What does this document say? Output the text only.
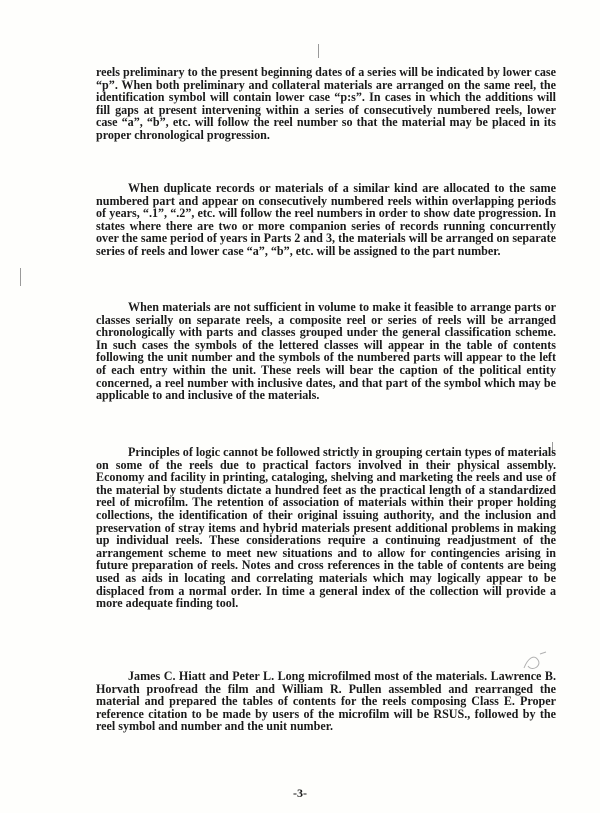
reels preliminary to the present beginning dates of a series will be indicated by lower case “p”. When both preliminary and collateral materials are arranged on the same reel, the identification symbol will contain lower case “p:s”. In cases in which the additions will fill gaps at present intervening within a series of consecutively numbered reels, lower case “a”, “b”, etc. will follow the reel number so that the material may be placed in its proper chronological progression.

When duplicate records or materials of a similar kind are allocated to the same numbered part and appear on consecutively numbered reels within overlapping periods of years, “.1”, “.2”, etc. will follow the reel numbers in order to show date progression. In states where there are two or more companion series of records running concurrently over the same period of years in Parts 2 and 3, the materials will be arranged on separate series of reels and lower case “a”, “b”, etc. will be assigned to the part number.

When materials are not sufficient in volume to make it feasible to arrange parts or classes serially on separate reels, a composite reel or series of reels will be arranged chronologically with parts and classes grouped under the general classification scheme. In such cases the symbols of the lettered classes will appear in the table of contents following the unit number and the symbols of the numbered parts will appear to the left of each entry within the unit. These reels will bear the caption of the political entity concerned, a reel number with inclusive dates, and that part of the symbol which may be applicable to and inclusive of the materials.

Principles of logic cannot be followed strictly in grouping certain types of materials on some of the reels due to practical factors involved in their physical assembly. Economy and facility in printing, cataloging, shelving and marketing the reels and use of the material by students dictate a hundred feet as the practical length of a standardized reel of microfilm. The retention of association of materials within their proper holding collections, the identification of their original issuing authority, and the inclusion and preservation of stray items and hybrid materials present additional problems in making up individual reels. These considerations require a continuing readjustment of the arrangement scheme to meet new situations and to allow for contingencies arising in future preparation of reels. Notes and cross references in the table of contents are being used as aids in locating and correlating materials which may logically appear to be displaced from a normal order. In time a general index of the collection will provide a more adequate finding tool.

James C. Hiatt and Peter L. Long microfilmed most of the materials. Lawrence B. Horvath proofread the film and William R. Pullen assembled and rearranged the material and prepared the tables of contents for the reels composing Class E. Proper reference citation to be made by users of the microfilm will be RSUS., followed by the reel symbol and number and the unit number.

-3-
